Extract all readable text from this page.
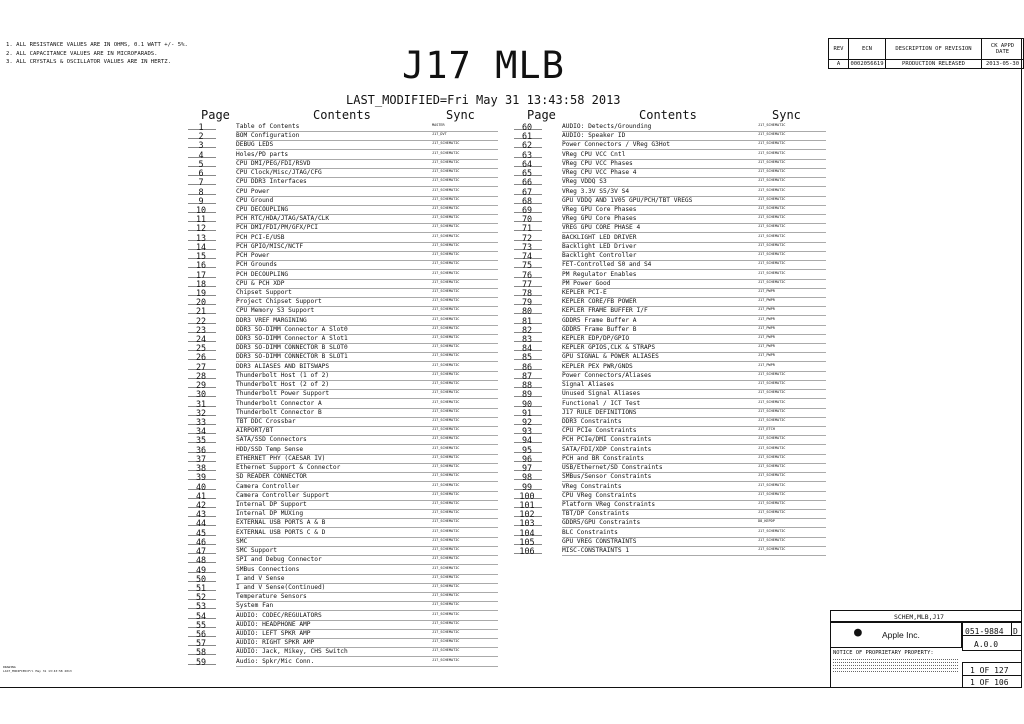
1. ALL RESISTANCE VALUES ARE IN OHMS, 0.1 WATT +/- 5%.
2. ALL CAPACITANCE VALUES ARE IN MICROFARADS.
3. ALL CRYSTALS & OSCILLATOR VALUES ARE IN HERTZ.	J17 MLB
LAST_MODIFIED=Fri May 31 13:43:58 2013
REV	ECN	DESCRIPTION OF REVISION	CK APPD
DATE
A	0002056619	PRODUCTION RELEASED	2013-05-30
Page	Contents	Sync	Page	Contents	Sync
1	Table of Contents	MASTER
2	BOM Configuration	J17_DVT
3	DEBUG LEDS	J17_SCHEMATIC
4	Holes/PD parts	J17_SCHEMATIC
5	CPU DMI/PEG/FDI/RSVD	J17_SCHEMATIC
6	CPU Clock/Misc/JTAG/CFG	J17_SCHEMATIC
7	CPU DDR3 Interfaces	J17_SCHEMATIC
8	CPU Power	J17_SCHEMATIC
9	CPU Ground	J17_SCHEMATIC
10	CPU DECOUPLING	J17_SCHEMATIC
11	PCH RTC/HDA/JTAG/SATA/CLK	J17_SCHEMATIC
12	PCH DMI/FDI/PM/GFX/PCI	J17_SCHEMATIC
13	PCH PCI-E/USB	J17_SCHEMATIC
14	PCH GPIO/MISC/NCTF	J17_SCHEMATIC
15	PCH Power	J17_SCHEMATIC
16	PCH Grounds	J17_SCHEMATIC
17	PCH DECOUPLING	J17_SCHEMATIC
18	CPU & PCH XDP	J17_SCHEMATIC
19	Chipset Support	J17_SCHEMATIC
20	Project Chipset Support	J17_SCHEMATIC
21	CPU Memory S3 Support	J17_SCHEMATIC
22	DDR3 VREF MARGINING	J17_SCHEMATIC
23	DDR3 SO-DIMM Connector A Slot0	J17_SCHEMATIC
24	DDR3 SO-DIMM Connector A Slot1	J17_SCHEMATIC
25	DDR3 SO-DIMM CONNECTOR B SLOT0	J17_SCHEMATIC
26	DDR3 SO-DIMM CONNECTOR B SLOT1	J17_SCHEMATIC
27	DDR3 ALIASES AND BITSWAPS	J17_SCHEMATIC
28	Thunderbolt Host (1 of 2)	J17_SCHEMATIC
29	Thunderbolt Host (2 of 2)	J17_SCHEMATIC
30	Thunderbolt Power Support	J17_SCHEMATIC
31	Thunderbolt Connector A	J17_SCHEMATIC
32	Thunderbolt Connector B	J17_SCHEMATIC
33	TBT DDC Crossbar	J17_SCHEMATIC
34	AIRPORT/BT	J17_SCHEMATIC
35	SATA/SSD Connectors	J17_SCHEMATIC
36	HDD/SSD Temp Sense	J17_SCHEMATIC
37	ETHERNET PHY (CAESAR IV)	J17_SCHEMATIC
38	Ethernet Support & Connector	J17_SCHEMATIC
39	SD READER CONNECTOR	J17_SCHEMATIC
40	Camera Controller	J17_SCHEMATIC
41	Camera Controller Support	J17_SCHEMATIC
42	Internal DP Support	J17_SCHEMATIC
43	Internal DP MUXing	J17_SCHEMATIC
44	EXTERNAL USB PORTS A & B	J17_SCHEMATIC
45	EXTERNAL USB PORTS C & D	J17_SCHEMATIC
46	SMC	J17_SCHEMATIC
47	SMC Support	J17_SCHEMATIC
48	SPI and Debug Connector	J17_SCHEMATIC
49	SMBus Connections	J17_SCHEMATIC
50	I and V Sense	J17_SCHEMATIC
51	I and V Sense(Continued)	J17_SCHEMATIC
52	Temperature Sensors	J17_SCHEMATIC
53	System Fan	J17_SCHEMATIC
54	AUDIO: CODEC/REGULATORS	J17_SCHEMATIC
55	AUDIO: HEADPHONE AMP	J17_SCHEMATIC
56	AUDIO: LEFT SPKR AMP	J17_SCHEMATIC
57	AUDIO: RIGHT SPKR AMP	J17_SCHEMATIC
58	AUDIO: Jack, Mikey, CHS Switch	J17_SCHEMATIC
59	Audio: Spkr/Mic Conn.	J17_SCHEMATIC
60	AUDIO: Detects/Grounding	J17_SCHEMATIC
61	AUDIO: Speaker ID	J17_SCHEMATIC
62	Power Connectors / VReg G3Hot	J17_SCHEMATIC
63	VReg CPU VCC Cntl	J17_SCHEMATIC
64	VReg CPU VCC Phases	J17_SCHEMATIC
65	VReg CPU VCC Phase 4	J17_SCHEMATIC
66	VReg VDDQ S3	J17_SCHEMATIC
67	VReg 3.3V S5/3V S4	J17_SCHEMATIC
68	GPU VDDQ AND 1V05 GPU/PCH/TBT VREGS	J17_SCHEMATIC
69	VReg GPU Core Phases	J17_SCHEMATIC
70	VReg GPU Core Phases	J17_SCHEMATIC
71	VREG GPU CORE PHASE 4	J17_SCHEMATIC
72	BACKLIGHT LED DRIVER	J17_SCHEMATIC
73	Backlight LED Driver	J17_SCHEMATIC
74	Backlight Controller	J17_SCHEMATIC
75	FET-Controlled S0 and S4	J17_SCHEMATIC
76	PM Regulator Enables	J17_SCHEMATIC
77	PM Power Good	J17_SCHEMATIC
78	KEPLER PCI-E	J17_PWPR
79	KEPLER CORE/FB POWER	J17_PWPR
80	KEPLER FRAME BUFFER I/F	J17_PWPR
81	GDDR5 Frame Buffer A	J17_PWPR
82	GDDR5 Frame Buffer B	J17_PWPR
83	KEPLER EDP/DP/GPIO	J17_PWPR
84	KEPLER GPIOS,CLK & STRAPS	J17_PWPR
85	GPU SIGNAL & POWER ALIASES	J17_PWPR
86	KEPLER PEX PWR/GNDS	J17_PWPR
87	Power Connectors/Aliases	J17_SCHEMATIC
88	Signal Aliases	J17_SCHEMATIC
89	Unused Signal Aliases	J17_SCHEMATIC
90	Functional / ICT Test	J17_SCHEMATIC
91	J17 RULE DEFINITIONS	J17_SCHEMATIC
92	DDR3 Constraints	J17_SCHEMATIC
93	CPU PCIe Constraints	J17_ETCH
94	PCH PCIe/DMI Constraints	J17_SCHEMATIC
95	SATA/FDI/XDP Constraints	J17_SCHEMATIC
96	PCH and BR Constraints	J17_SCHEMATIC
97	USB/Ethernet/SD Constraints	J17_SCHEMATIC
98	SMBus/Sensor Constraints	J17_SCHEMATIC
99	VReg Constraints	J17_SCHEMATIC
100	CPU VReg Constraints	J17_SCHEMATIC
101	Platform VReg Constraints	J17_SCHEMATIC
102	TBT/DP Constraints	J17_SCHEMATIC
103	GDDR5/GPU Constraints	D8_KEPDP
104	BLC Constraints	J17_SCHEMATIC
105	GPU VREG CONSTRAINTS	J17_SCHEMATIC
106	MISC-CONSTRAINTS 1	J17_SCHEMATIC
SCHEM,MLB,J17
● Apple Inc.	051-9884 D
A.0.0
NOTICE OF PROPRIETARY PROPERTY:
1 OF 127
1 OF 106
DRAWING
LAST_MODIFIED=Fri May 31 13:43:58 2013
